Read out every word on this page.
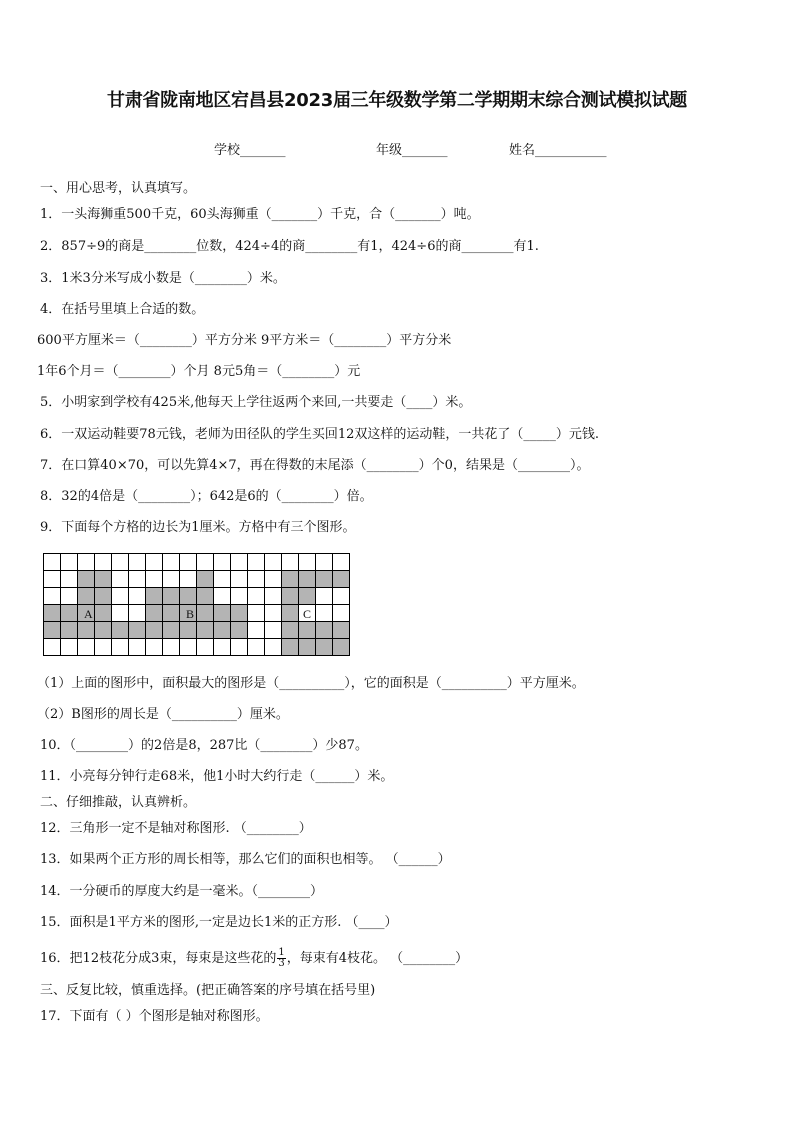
甘肃省陇南地区宕昌县2023届三年级数学第二学期期末综合测试模拟试题
学校_______	年级_______	姓名___________
一、用心思考，认真填写。
1．一头海狮重500千克，60头海狮重（_______）千克，合（_______）吨。
2．857÷9的商是________位数，424÷4的商________有1，424÷6的商________有1.
3．1米3分米写成小数是（________）米。
4．在括号里填上合适的数。
600平方厘米＝（________）平方分米 9平方米＝（________）平方分米
1年6个月＝（________）个月 8元5角＝（________）元
5．小明家到学校有425米,他每天上学往返两个来回,一共要走（____）米。
6．一双运动鞋要78元钱，老师为田径队的学生买回12双这样的运动鞋，一共花了（_____）元钱.
7．在口算40×70，可以先算4×7，再在得数的末尾添（________）个0，结果是（________）。
8．32的4倍是（________）；642是6的（________）倍。
9．下面每个方格的边长为1厘米。方格中有三个图形。
A	B	C
（1）上面的图形中，面积最大的图形是（__________），它的面积是（__________）平方厘米。
（2）B图形的周长是（__________）厘米。
10．（________）的2倍是8，287比（________）少87。
11．小亮每分钟行走68米，他1小时大约行走（______）米。
二、仔细推敲，认真辨析。
12．三角形一定不是轴对称图形. （________）
13．如果两个正方形的周长相等，那么它们的面积也相等。 （______）
14．一分硬币的厚度大约是一毫米。（________）
15．面积是1平方米的图形,一定是边长1米的正方形. （____）
16．把12枝花分成3束，每束是这些花的 $\frac{1}{3}$ ，每束有4枝花。 （________）
三、反复比较，慎重选择。(把正确答案的序号填在括号里)
17．下面有（ ）个图形是轴对称图形。
